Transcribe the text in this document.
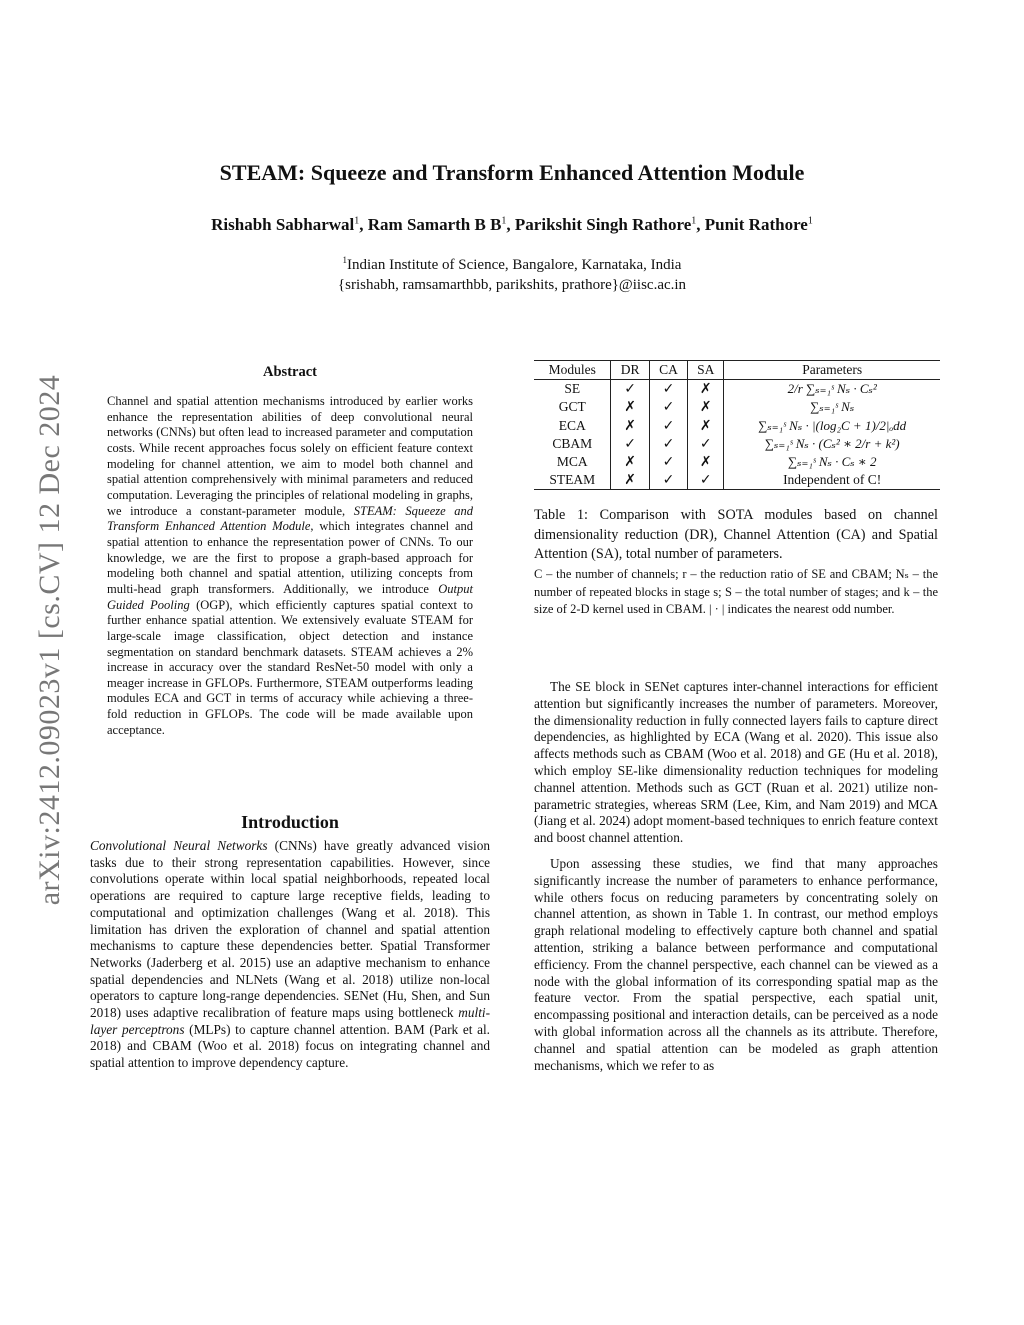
arXiv:2412.09023v1 [cs.CV] 12 Dec 2024
STEAM: Squeeze and Transform Enhanced Attention Module
Rishabh Sabharwal$^1$, Ram Samarth B $B^1$, Parikshit Singh Rathore$^1$, Punit Rathore$^1$
$^1$Indian Institute of Science, Bangalore, Karnataka, India
{srishabh, ramsamarthbb, parikshits, prathore}@iisc.ac.in
Abstract

Channel and spatial attention mechanisms introduced by earlier works enhance the representation abilities of deep convolutional neural networks (CNNs) but often lead to increased parameter and computation costs. While recent approaches focus solely on efficient feature context modeling for channel attention, we aim to model both channel and spatial attention comprehensively with minimal parameters and reduced computation. Leveraging the principles of relational modeling in graphs, we introduce a constant-parameter module, STEAM: Squeeze and Transform Enhanced Attention Module, which integrates channel and spatial attention to enhance the representation power of CNNs. To our knowledge, we are the first to propose a graph-based approach for modeling both channel and spatial attention, utilizing concepts from multi-head graph transformers. Additionally, we introduce Output Guided Pooling (OGP), which efficiently captures spatial context to further enhance spatial attention. We extensively evaluate STEAM for large-scale image classification, object detection and instance segmentation on standard benchmark datasets. STEAM achieves a 2% increase in accuracy over the standard ResNet-50 model with only a meager increase in GFLOPs. Furthermore, STEAM outperforms leading modules ECA and GCT in terms of accuracy while achieving a three-fold reduction in GFLOPs. The code will be made available upon acceptance.

Introduction

Convolutional Neural Networks (CNNs) have greatly advanced vision tasks due to their strong representation capabilities. However, since convolutions operate within local spatial neighborhoods, repeated local operations are required to capture large receptive fields, leading to computational and optimization challenges (Wang et al. 2018). This limitation has driven the exploration of channel and spatial attention mechanisms to capture these dependencies better. Spatial Transformer Networks (Jaderberg et al. 2015) use an adaptive mechanism to enhance spatial dependencies and NLNets (Wang et al. 2018) utilize non-local operators to capture long-range dependencies. SENet (Hu, Shen, and Sun 2018) uses adaptive recalibration of feature maps using bottleneck multi-layer perceptrons (MLPs) to capture channel attention. BAM (Park et al. 2018) and CBAM (Woo et al. 2018) focus on integrating channel and spatial attention to improve dependency capture.

Modules	DR	CA	SA	Parameters
SE	✓	✓	✗	2/r ∑ₛ₌₁ˢ Nₛ · Cₛ²
GCT	✗	✓	✗	∑ₛ₌₁ˢ Nₛ
ECA	✗	✓	✗	∑ₛ₌₁ˢ Nₛ · |(log₂C + 1)/2|ₒdd
CBAM	✓	✓	✓	∑ₛ₌₁ˢ Nₛ · (Cₛ² ∗ 2/r + k²)
MCA	✗	✓	✗	∑ₛ₌₁ˢ Nₛ · Cₛ ∗ 2
STEAM	✗	✓	✓	Independent of C!
Table 1: Comparison with SOTA modules based on channel dimensionality reduction (DR), Channel Attention (CA) and Spatial Attention (SA), total number of parameters.
C – the number of channels; r – the reduction ratio of SE and CBAM; Nₛ – the number of repeated blocks in stage s; S – the total number of stages; and k – the size of 2-D kernel used in CBAM. | · | indicates the nearest odd number.

The SE block in SENet captures inter-channel interactions for efficient attention but significantly increases the number of parameters. Moreover, the dimensionality reduction in fully connected layers fails to capture direct dependencies, as highlighted by ECA (Wang et al. 2020). This issue also affects methods such as CBAM (Woo et al. 2018) and GE (Hu et al. 2018), which employ SE-like dimensionality reduction techniques for modeling channel attention. Methods such as GCT (Ruan et al. 2021) utilize non-parametric strategies, whereas SRM (Lee, Kim, and Nam 2019) and MCA (Jiang et al. 2024) adopt moment-based techniques to enrich feature context and boost channel attention.

Upon assessing these studies, we find that many approaches significantly increase the number of parameters to enhance performance, while others focus on reducing parameters by concentrating solely on channel attention, as shown in Table 1. In contrast, our method employs graph relational modeling to effectively capture both channel and spatial attention, striking a balance between performance and computational efficiency. From the channel perspective, each channel can be viewed as a node with the global information of its corresponding spatial map as the feature vector. From the spatial perspective, each spatial unit, encompassing positional and interaction details, can be perceived as a node with global information across all the channels as its attribute. Therefore, channel and spatial attention can be modeled as graph attention mechanisms, which we refer to as
